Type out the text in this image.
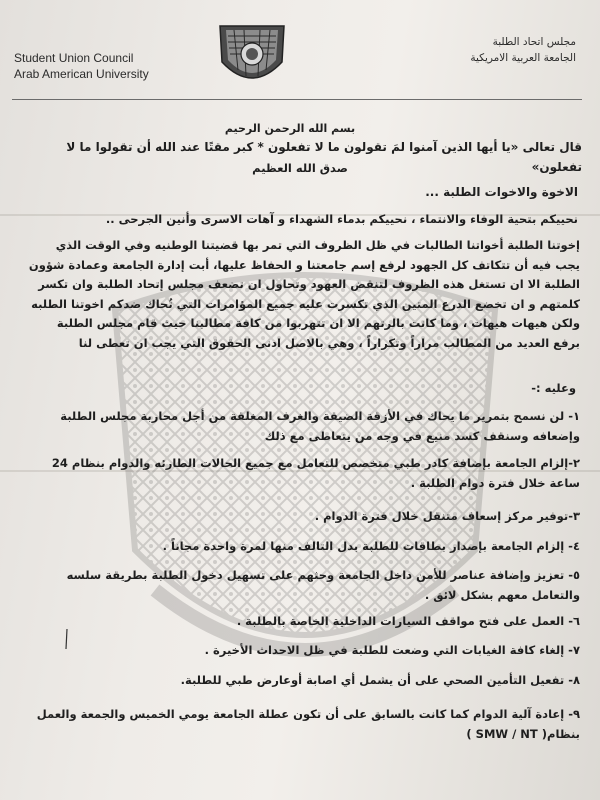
Student Union Council
Arab American University
مجلس اتحاد الطلبة
الجامعة العربية الامريكية
بسم الله الرحمن الرحيم
قال تعالى «يا أيها الذين آمنوا لمَ تقولون ما لا تفعلون * كبر مقتًا عند الله أن تقولوا ما لا تفعلون»
صدق الله العظيم
الاخوة والاخوات الطلبة ...
نحييكم بتحية الوفاء والانتماء ، نحييكم بدماء الشهداء و آهات الاسرى وأنين الجرحى ..
إخوتنا الطلبة أخواتنا الطالبات في ظل الظروف التي تمر بها قضيتنا الوطنيه وفي الوقت الذي يجب فيه أن تتكاتف كل الجهود لرفع إسم جامعتنا و الحفاظ عليها، أبت إدارة الجامعة وعمادة شؤون الطلبة الا ان تستغل هذه الظروف لتنقض العهود وتحاول ان تضعف مجلس إتحاد الطلبة وان تكسر كلمتهم و ان تخضع الدرع المتين الذي تكسرت عليه جميع المؤامرات التي تُحاك ضدكم اخوتنا الطلبه ولكن هيهات هيهات ، وما كانت بالرتهم الا ان تتهربوا من كافة مطالبنا حيث قام مجلس الطلبة برفع العديد من المطالب مراراً وتكراراً ، وهي بالاصل ادنى الحقوق التي يجب ان تعطى لنا
وعليه :-
١- لن نسمح بتمرير ما يحاك في الأزقة الضيقة والغرف المغلقة من أجل محاربة مجلس الطلبة وإضعافه وسنقف كسد منيع في وجه من يتعاطى مع ذلك
٢-إلزام الجامعة بإضافة كادر طبي متخصص للتعامل مع جميع الحالات الطارئه والدوام بنظام 24 ساعة خلال فترة دوام الطلبة .
٣-توفير مركز إسعاف متنقل خلال فترة الدوام .
٤- إلزام الجامعة بإصدار بطاقات للطلبة بدل التالف منها لمرة واحدة مجاناً .
٥- تعزيز وإضافة عناصر للأمن داخل الجامعة وحثهم على تسهيل دخول الطلبة بطريقة سلسه والتعامل معهم بشكل لائق .
٦- العمل على فتح مواقف السيارات الداخلية الخاصة بالطلبة .
٧- إلغاء كافة الغيابات التي وضعت للطلبة في ظل الاحداث الأخيرة .
٨- تفعيل التأمين الصحي على أن يشمل أي اصابة أوعارض طبي للطلبة.
٩- إعادة آلية الدوام كما كانت بالسابق على أن تكون عطلة الجامعة يومي الخميس والجمعة والعمل بنظام( SMW / NT )
